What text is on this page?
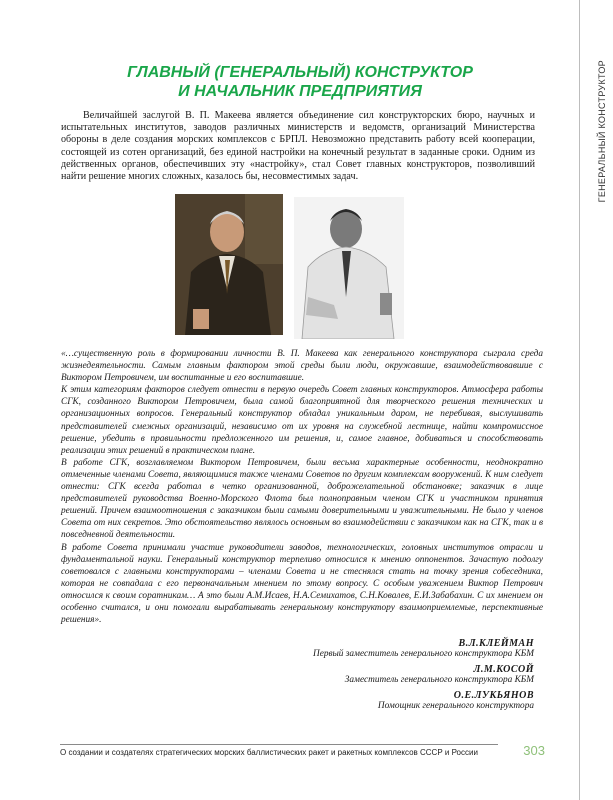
ГЕНЕРАЛЬНЫЙ КОНСТРУКТОР
ГЛАВНЫЙ (ГЕНЕРАЛЬНЫЙ) КОНСТРУКТОР
И НАЧАЛЬНИК ПРЕДПРИЯТИЯ
Величайшей заслугой В. П. Макеева является объединение сил конструкторских бюро, научных и испытательных институтов, заводов различных министерств и ведомств, организаций Министерства обороны в деле создания морских комплексов с БРПЛ. Невозможно представить работу всей кооперации, состоящей из сотен организаций, без единой настройки на конечный результат в заданные сроки. Одним из действенных органов, обеспечивших эту «настройку», стал Совет главных конструкторов, позволивший найти решение многих сложных, казалось бы, несовместимых задач.
«…существенную роль в формировании личности В. П. Макеева как генерального конструктора сыграла среда жизнедеятельности. Самым главным фактором этой среды были люди, окружавшие, взаимодействовавшие с Виктором Петровичем, им воспитанные и его воспитавшие.
К этим категориям факторов следует отнести в первую очередь Совет главных конструкторов. Атмосфера работы СГК, созданного Виктором Петровичем, была самой благоприятной для творческого решения технических и организационных вопросов. Генеральный конструктор обладал уникальным даром, не перебивая, выслушивать представителей смежных организаций, независимо от их уровня на служебной лестнице, найти компромиссное решение, убедить в правильности предложенного им решения, и, самое главное, добиваться и способствовать реализации этих решений в практическом плане.
В работе СГК, возглавляемом Виктором Петровичем, были весьма характерные особенности, неоднократно отмеченные членами Совета, являющимися также членами Советов по другим комплексам вооружений. К ним следует отнести: СГК всегда работал в четко организованной, доброжелательной обстановке; заказчик в лице представителей руководства Военно-Морского Флота был полноправным членом СГК и участником принятия решений. Причем взаимоотношения с заказчиком были самыми доверительными и уважительными. Не было у членов Совета от них секретов. Это обстоятельство являлось основным во взаимодействии с заказчиком как на СГК, так и в повседневной деятельности.
В работе Совета принимали участие руководители заводов, технологических, головных институтов отрасли и фундаментальной науки. Генеральный конструктор терпеливо относился к мнению оппонентов. Зачастую подолгу советовался с главными конструкторами – членами Совета и не стеснялся стать на точку зрения собеседника, которая не совпадала с его первоначальным мнением по этому вопросу. С особым уважением Виктор Петрович относился к своим соратникам… А это были А.М.Исаев, Н.А.Семихатов, С.Н.Ковалев, Е.И.Забабахин. С их мнением он особенно считался, и они помогали вырабатывать генеральному конструктору взаимоприемлемые, перспективные решения».
В.Л.КЛЕЙМАН
Первый заместитель генерального конструктора КБМ
Л.М.КОСОЙ
Заместитель генерального конструктора КБМ
О.Е.ЛУКЬЯНОВ
Помощник генерального конструктора
О создании и создателях стратегических морских баллистических ракет и ракетных комплексов СССР и России	303
